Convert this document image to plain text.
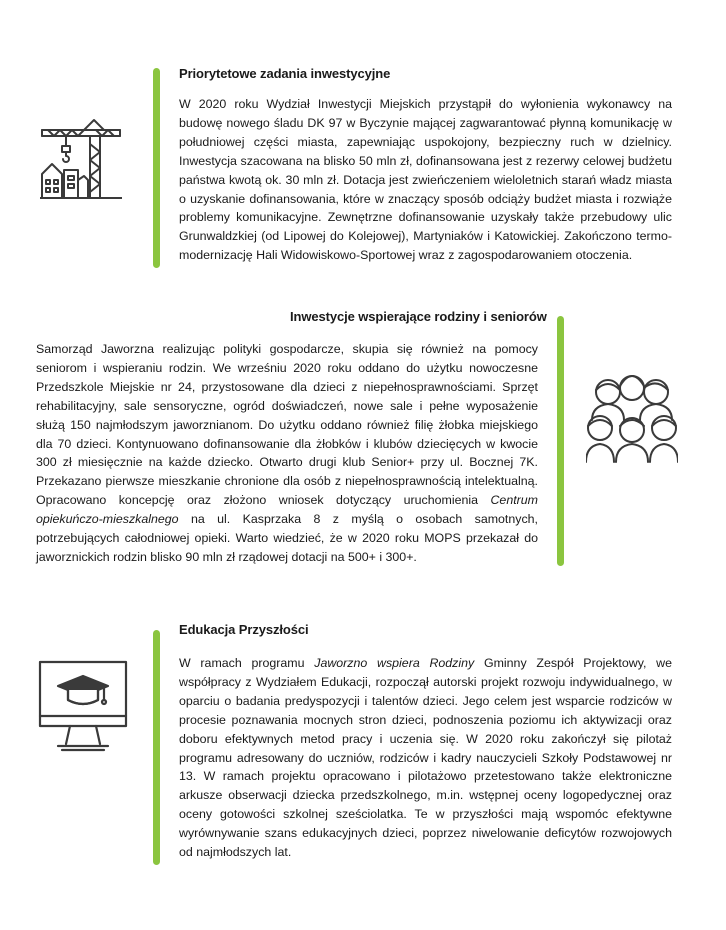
Priorytetowe zadania inwestycyjne

W 2020 roku Wydział Inwestycji Miejskich przystąpił do wyłonienia wykonawcy na budowę nowego śladu DK 97 w Byczynie mającej zagwarantować płynną komunikację w południowej części miasta, zapewniając uspokojony, bezpieczny ruch w dzielnicy. Inwestycja szacowana na blisko 50 mln zł, dofinansowana jest z rezerwy celowej budżetu państwa kwotą ok. 30 mln zł. Dotacja jest zwieńczeniem wieloletnich starań władz miasta o uzyskanie dofinansowania, które w znaczący sposób odciąży budżet miasta i rozwiąże problemy komunikacyjne. Zewnętrzne dofinansowanie uzyskały także przebudowy ulic Grunwaldzkiej (od Lipowej do Kolejowej), Martyniaków i Katowickiej. Zakończono termo-modernizację Hali Widowiskowo-Sportowej wraz z zagospodarowaniem otoczenia.

Inwestycje wspierające rodziny i seniorów

Samorząd Jaworzna realizując polityki gospodarcze, skupia się również na pomocy seniorom i wspieraniu rodzin. We wrześniu 2020 roku oddano do użytku nowoczesne Przedszkole Miejskie nr 24, przystosowane dla dzieci z niepełnosprawnościami. Sprzęt rehabilitacyjny, sale sensoryczne, ogród doświadczeń, nowe sale i pełne wyposażenie służą 150 najmłodszym jaworznianom. Do użytku oddano również filię żłobka miejskiego dla 70 dzieci. Kontynuowano dofinansowanie dla żłobków i klubów dziecięcych w kwocie 300 zł miesięcznie na każde dziecko. Otwarto drugi klub Senior+ przy ul. Bocznej 7K. Przekazano pierwsze mieszkanie chronione dla osób z niepełnosprawnością intelektualną. Opracowano koncepcję oraz złożono wniosek dotyczący uruchomienia Centrum opiekuńczo-mieszkalnego na ul. Kasprzaka 8 z myślą o osobach samotnych, potrzebujących całodniowej opieki. Warto wiedzieć, że w 2020 roku MOPS przekazał do jaworznickich rodzin blisko 90 mln zł rządowej dotacji na 500+ i 300+.

Edukacja Przyszłości

W ramach programu Jaworzno wspiera Rodziny Gminny Zespół Projektowy, we współpracy z Wydziałem Edukacji, rozpoczął autorski projekt rozwoju indywidualnego, w oparciu o badania predyspozycji i talentów dzieci. Jego celem jest wsparcie rodziców w procesie poznawania mocnych stron dzieci, podnoszenia poziomu ich aktywizacji oraz doboru efektywnych metod pracy i uczenia się. W 2020 roku zakończył się pilotaż programu adresowany do uczniów, rodziców i kadry nauczycieli Szkoły Podstawowej nr 13. W ramach projektu opracowano i pilotażowo przetestowano także elektroniczne arkusze obserwacji dziecka przedszkolnego, m.in. wstępnej oceny logopedycznej oraz oceny gotowości szkolnej sześciolatka. Te w przyszłości mają wspomóc efektywne wyrównywanie szans edukacyjnych dzieci, poprzez niwelowanie deficytów rozwojowych od najmłodszych lat.
